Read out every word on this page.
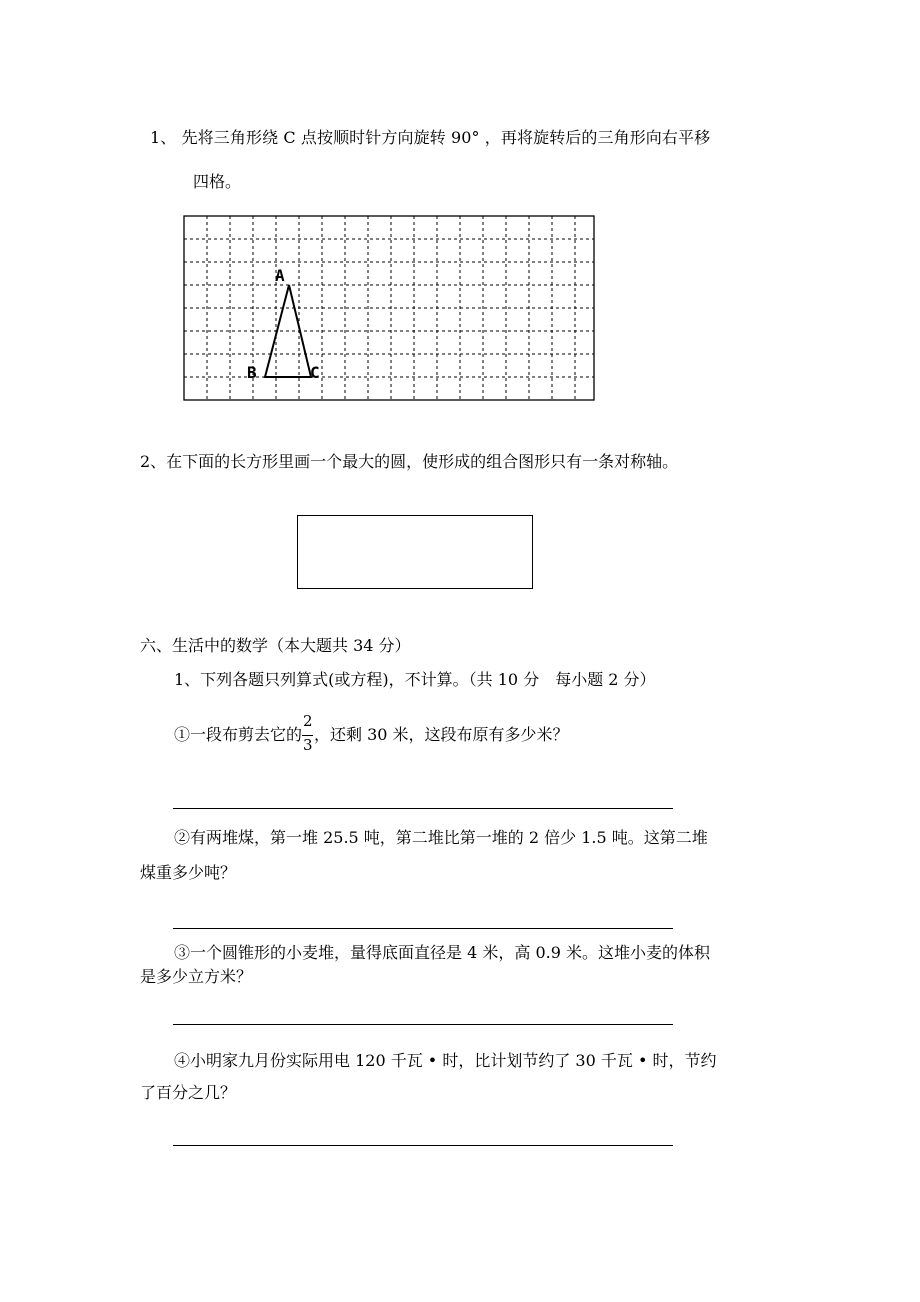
1、 先将三角形绕 C 点按顺时针方向旋转 90° ，再将旋转后的三角形向右平移
四格。
A
B	C
2、在下面的长方形里画一个最大的圆，使形成的组合图形只有一条对称轴。
六、生活中的数学（本大题共 34 分）
1、下列各题只列算式(或方程)，不计算。（共 10 分　每小题 2 分）
①一段布剪去它的 $\frac{2}{3}$ ，还剩 30 米，这段布原有多少米？
②有两堆煤，第一堆 25.5 吨，第二堆比第一堆的 2 倍少 1.5 吨。这第二堆
煤重多少吨？
③一个圆锥形的小麦堆，量得底面直径是 4 米，高 0.9 米。这堆小麦的体积
是多少立方米？
④小明家九月份实际用电 120 千瓦 • 时，比计划节约了 30 千瓦 • 时，节约
了百分之几？
